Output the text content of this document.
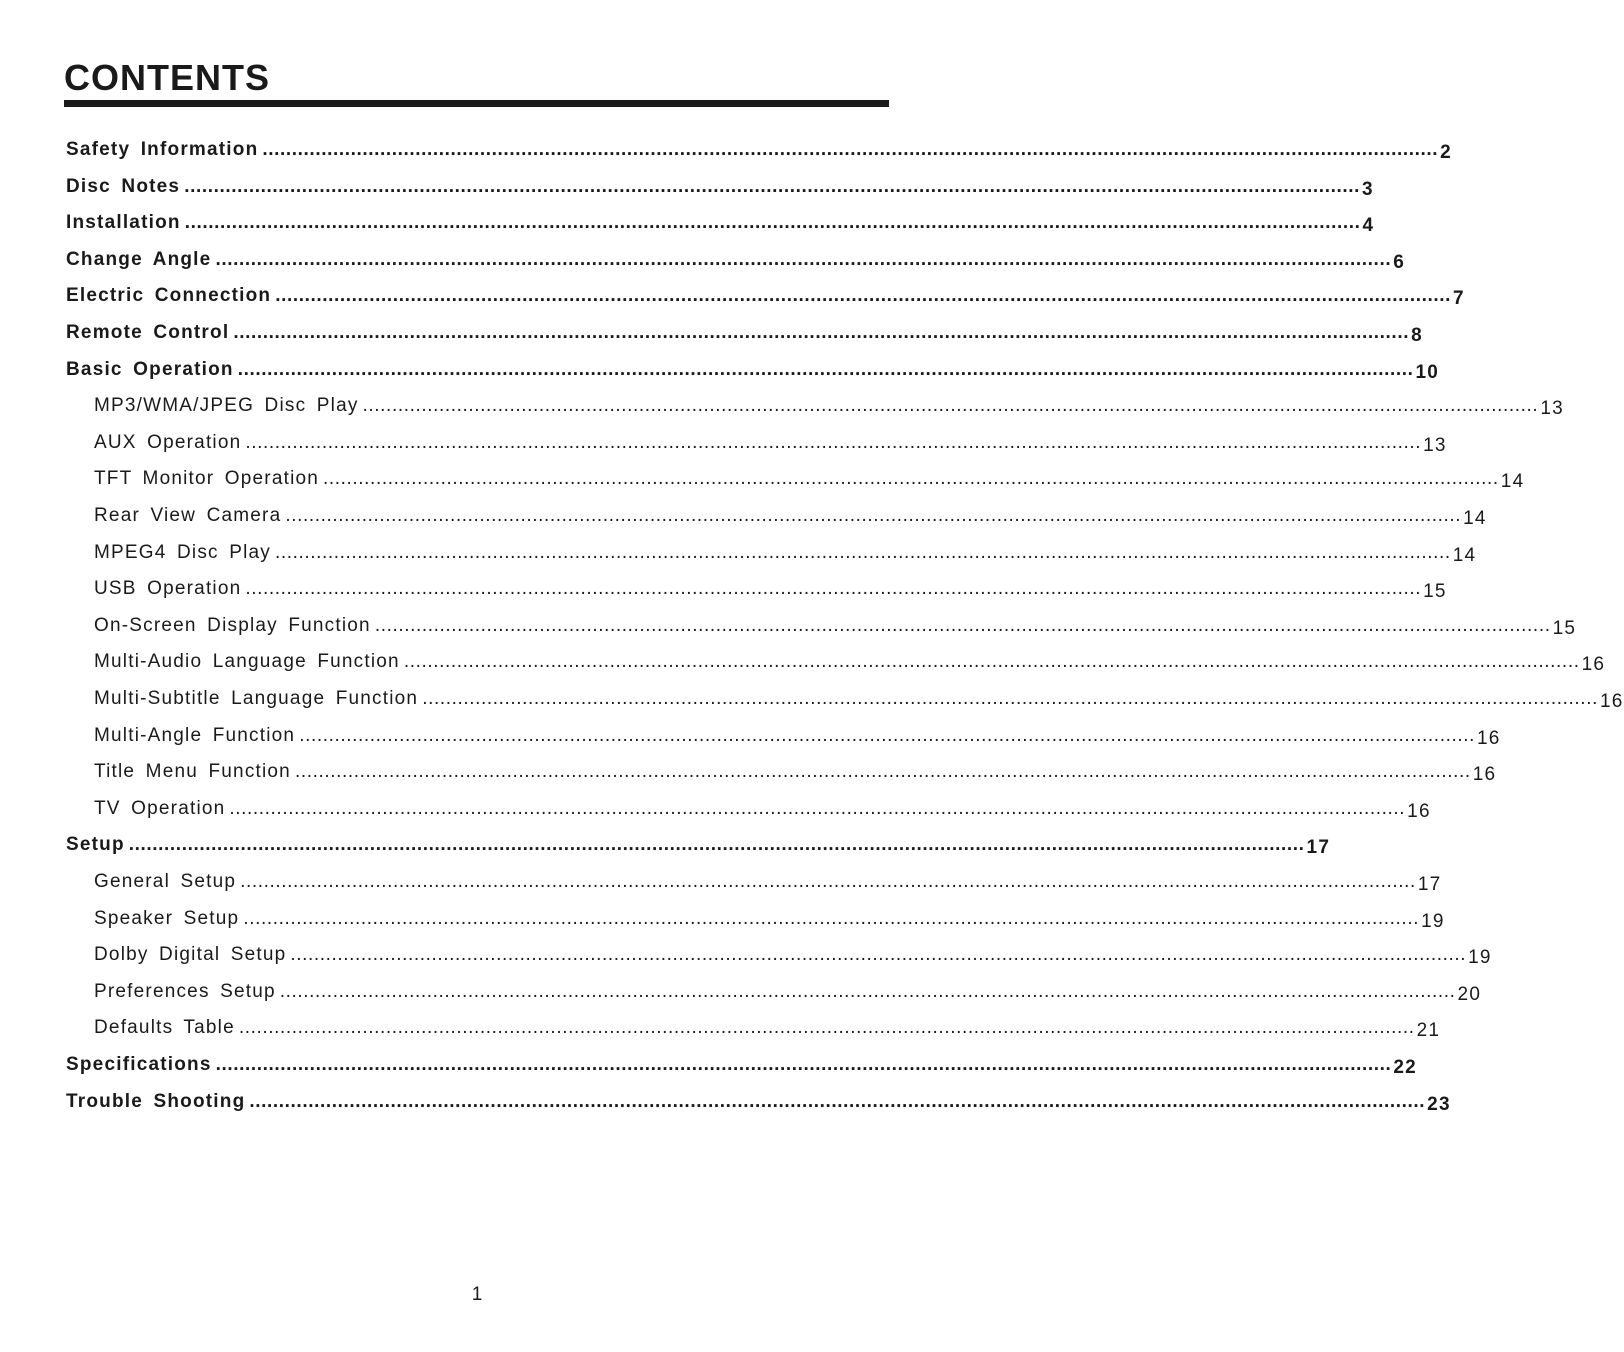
CONTENTS
Safety Information ........................................................................................................................................................................................................ 2
Disc Notes ........................................................................................................................................................................................................ 3
Installation ........................................................................................................................................................................................................ 4
Change Angle ........................................................................................................................................................................................................ 6
Electric Connection ........................................................................................................................................................................................................ 7
Remote Control ........................................................................................................................................................................................................ 8
Basic Operation ........................................................................................................................................................................................................ 10
MP3/WMA/JPEG Disc Play ........................................................................................................................................................................................................ 13
AUX Operation ........................................................................................................................................................................................................ 13
TFT Monitor Operation ........................................................................................................................................................................................................ 14
Rear View Camera ........................................................................................................................................................................................................ 14
MPEG4 Disc Play ........................................................................................................................................................................................................ 14
USB Operation ........................................................................................................................................................................................................ 15
On-Screen Display Function ........................................................................................................................................................................................................ 15
Multi-Audio Language Function ........................................................................................................................................................................................................ 16
Multi-Subtitle Language Function ........................................................................................................................................................................................................ 16
Multi-Angle Function ........................................................................................................................................................................................................ 16
Title Menu Function ........................................................................................................................................................................................................ 16
TV Operation ........................................................................................................................................................................................................ 16
Setup ........................................................................................................................................................................................................ 17
General Setup ........................................................................................................................................................................................................ 17
Speaker Setup ........................................................................................................................................................................................................ 19
Dolby Digital Setup ........................................................................................................................................................................................................ 19
Preferences Setup ........................................................................................................................................................................................................ 20
Defaults Table ........................................................................................................................................................................................................ 21
Specifications ........................................................................................................................................................................................................ 22
Trouble Shooting ........................................................................................................................................................................................................ 23
1
